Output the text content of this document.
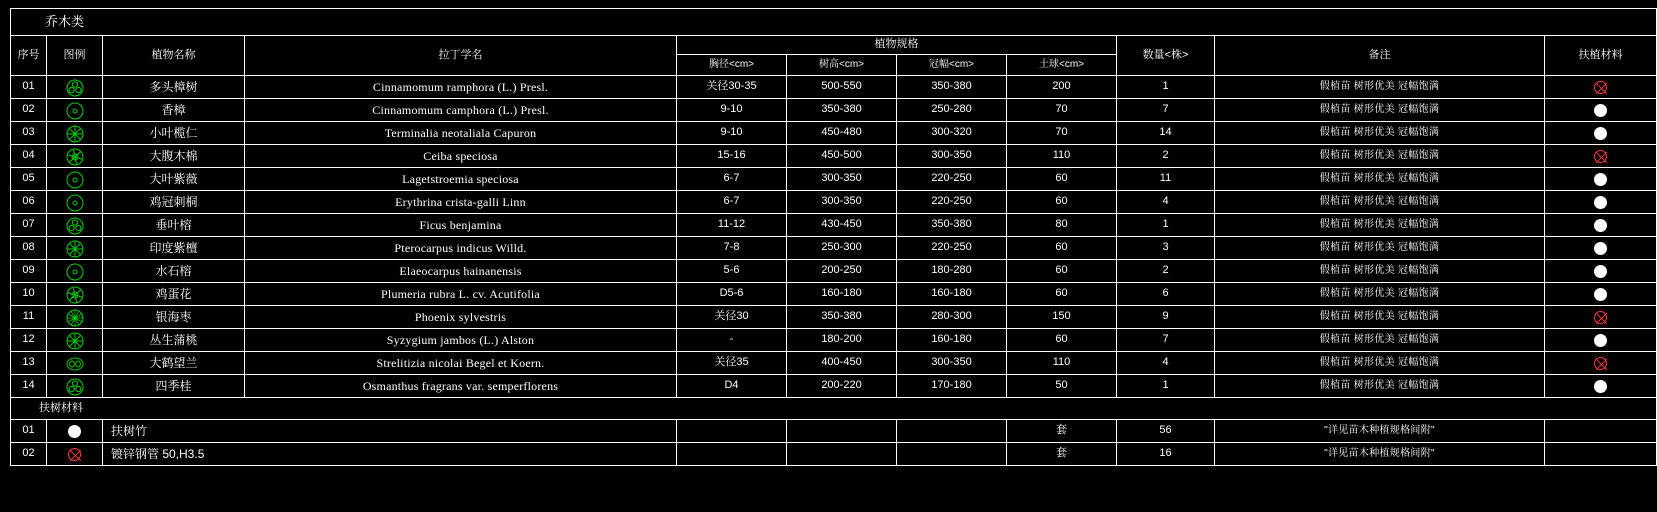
乔木类										
序号	图例	植物名称	拉丁学名	植物规格				数量<株>	备注	扶植材料
				胸径<cm>	树高<cm>	冠幅<cm>	土球<cm>			
01		多头樟树	Cinnamomum ramphora (L.) Presl.	关径30-35	500-550	350-380	200	1	假植苗 树形优美 冠幅饱满	
02		香樟	Cinnamomum camphora (L.) Presl.	9-10	350-380	250-280	70	7	假植苗 树形优美 冠幅饱满	
03		小叶榄仁	Terminalia neotaliala Capuron	9-10	450-480	300-320	70	14	假植苗 树形优美 冠幅饱满	
04		大腹木棉	Ceiba speciosa	15-16	450-500	300-350	110	2	假植苗 树形优美 冠幅饱满	
05		大叶紫薇	Lagetstroemia speciosa	6-7	300-350	220-250	60	11	假植苗 树形优美 冠幅饱满	
06		鸡冠刺桐	Erythrina crista-galli Linn	6-7	300-350	220-250	60	4	假植苗 树形优美 冠幅饱满	
07		垂叶榕	Ficus benjamina	11-12	430-450	350-380	80	1	假植苗 树形优美 冠幅饱满	
08		印度紫檀	Pterocarpus indicus Willd.	7-8	250-300	220-250	60	3	假植苗 树形优美 冠幅饱满	
09		水石榕	Elaeocarpus hainanensis	5-6	200-250	180-280	60	2	假植苗 树形优美 冠幅饱满	
10		鸡蛋花	Plumeria rubra L. cv. Acutifolia	D5-6	160-180	160-180	60	6	假植苗 树形优美 冠幅饱满	
11		银海枣	Phoenix sylvestris	关径30	350-380	280-300	150	9	假植苗 树形优美 冠幅饱满	
12		丛生蒲桃	Syzygium jambos (L.) Alston	-	180-200	160-180	60	7	假植苗 树形优美 冠幅饱满	
13		大鹤望兰	Strelitizia nicolai Begel et Koern.	关径35	400-450	300-350	110	4	假植苗 树形优美 冠幅饱满	
14		四季桂	Osmanthus fragrans var. semperflorens	D4	200-220	170-180	50	1	假植苗 树形优美 冠幅饱满	
扶树材料										
01		扶树竹					套	56	"详见苗木种植规格间附"	
02		镀锌钢管 50,H3.5					套	16	"详见苗木种植规格间附"	
